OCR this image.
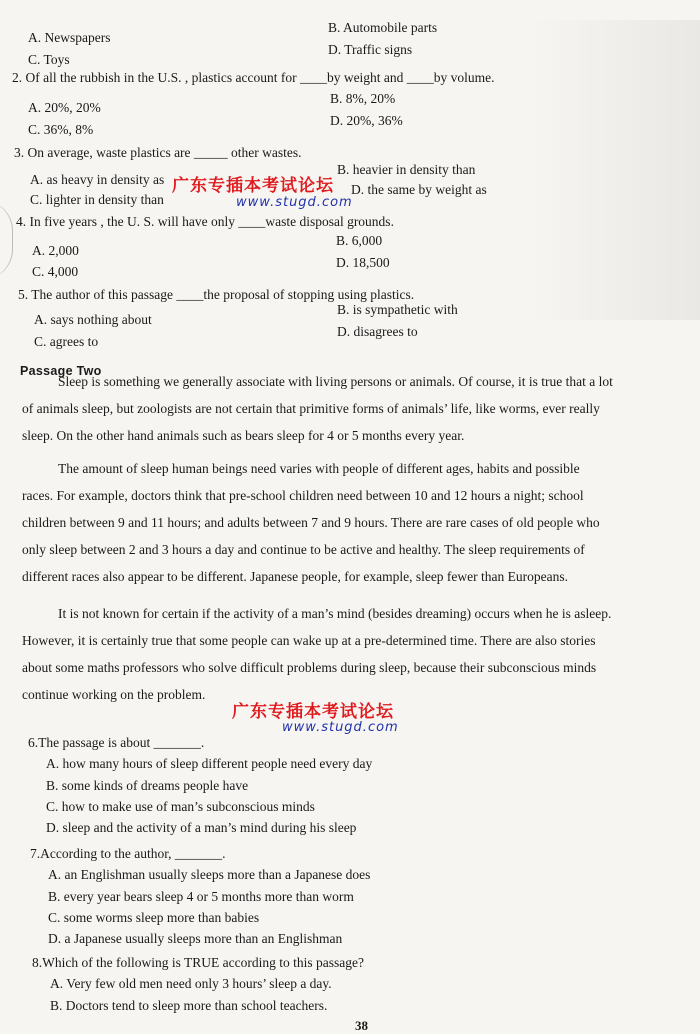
A. Newspapers
B. Automobile parts
C. Toys
D. Traffic signs
2. Of all the rubbish in the U.S. , plastics account for ____by weight and ____by volume.
A. 20%, 20%
B. 8%, 20%
C. 36%, 8%
D. 20%, 36%
3. On average, waste plastics are _____ other wastes.
A. as heavy in density as
B. heavier in density than
C. lighter in density than
D. the same by weight as
广东专插本考试论坛
www.stugd.com
4. In five years , the U. S. will have only ____waste disposal grounds.
A. 2,000
B. 6,000
C. 4,000
D. 18,500
5. The author of this passage ____the proposal of stopping using plastics.
A. says nothing about
B. is sympathetic with
C. agrees to
D. disagrees to
Passage Two
Sleep is something we generally associate with living persons or animals. Of course, it is true that a lot
of animals sleep, but zoologists are not certain that primitive forms of animals’ life, like worms, ever really
sleep. On the other hand animals such as bears sleep for 4 or 5 months every year.
The amount of sleep human beings need varies with people of different ages, habits and possible
races. For example, doctors think that pre-school children need between 10 and 12 hours a night; school
children between 9 and 11 hours; and adults between 7 and 9 hours. There are rare cases of old people who
only sleep between 2 and 3 hours a day and continue to be active and healthy. The sleep requirements of
different races also appear to be different. Japanese people, for example, sleep fewer than Europeans.
It is not known for certain if the activity of a man’s mind (besides dreaming) occurs when he is asleep.
However, it is certainly true that some people can wake up at a pre-determined time. There are also stories
about some maths professors who solve difficult problems during sleep, because their subconscious minds
continue working on the problem.
广东专插本考试论坛
www.stugd.com
6.The passage is about _______.
A. how many hours of sleep different people need every day
B. some kinds of dreams people have
C. how to make use of man’s subconscious minds
D. sleep and the activity of a man’s mind during his sleep
7.According to the author, _______.
A. an Englishman usually sleeps more than a Japanese does
B. every year bears sleep 4 or 5 months more than worm
C. some worms sleep more than babies
D. a Japanese usually sleeps more than an Englishman
8.Which of the following is TRUE according to this passage?
A. Very few old men need only 3 hours’ sleep a day.
B. Doctors tend to sleep more than school teachers.
38
